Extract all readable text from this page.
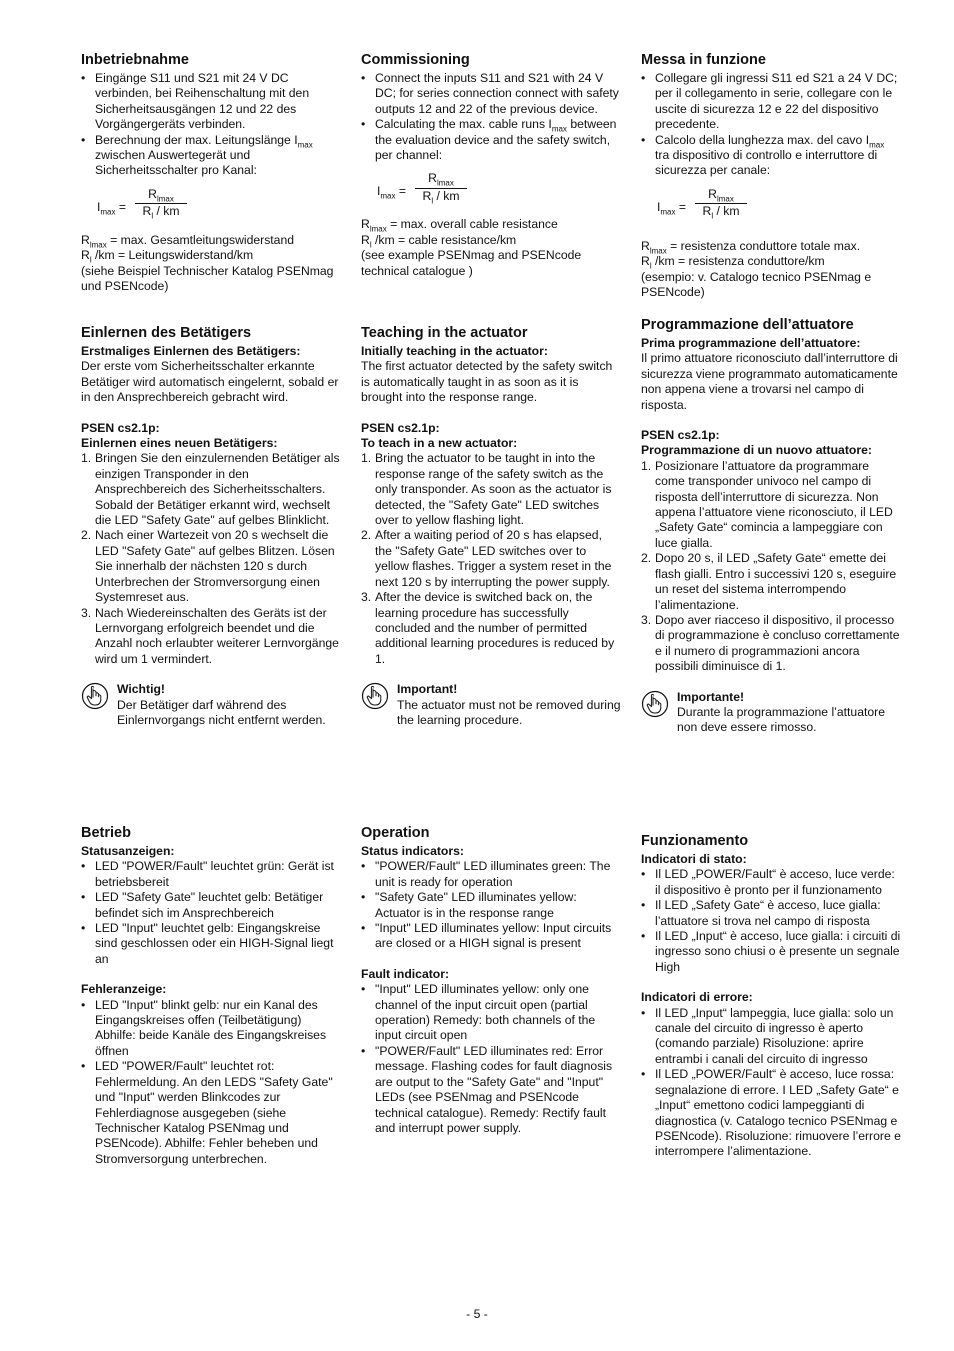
Inbetriebnahme
• Eingänge S11 und S21 mit 24 V DC verbinden, bei Reihenschaltung mit den Sicherheitsausgängen 12 und 22 des Vorgängergeräts verbinden.
• Berechnung der max. Leitungslänge $I_{max}$ zwischen Auswertegerät und Sicherheitsschalter pro Kanal:
$I_{max}$ =
$R_{lmax}$
$R_l$ / km

$R_{lmax} = \max$. Gesamtleitungswiderstand

$R_l$ /km = Leitungswiderstand/km

(siehe Beispiel Technischer Katalog PSENmag und PSENcode)

Einlernen des Betätigers

Erstmaliges Einlernen des Betätigers:

Der erste vom Sicherheitsschalter erkannte Betätiger wird automatisch eingelernt, sobald er in den Ansprechbereich gebracht wird.

PSEN cs2.1p:

Einlernen eines neuen Betätigers:

1. Bringen Sie den einzulernenden Betätiger als einzigen Transponder in den Ansprechbereich des Sicherheitsschalters. Sobald der Betätiger erkannt wird, wechselt die LED "Safety Gate" auf gelbes Blinklicht.
2. Nach einer Wartezeit von 20 s wechselt die LED "Safety Gate" auf gelbes Blitzen. Lösen Sie innerhalb der nächsten 120 s durch Unterbrechen der Stromversorgung einen Systemreset aus.
3. Nach Wiedereinschalten des Geräts ist der Lernvorgang erfolgreich beendet und die Anzahl noch erlaubter weiterer Lernvorgänge wird um 1 vermindert.

Wichtig!

Der Betätiger darf während des Einlernvorgangs nicht entfernt werden.

Betrieb

Statusanzeigen:

• LED "POWER/Fault" leuchtet grün: Gerät ist betriebsbereit
• LED "Safety Gate" leuchtet gelb: Betätiger befindet sich im Ansprechbereich
• LED "Input" leuchtet gelb: Eingangskreise sind geschlossen oder ein HIGH-Signal liegt an

Fehleranzeige:

• LED "Input" blinkt gelb: nur ein Kanal des Eingangskreises offen (Teilbetätigung) Abhilfe: beide Kanäle des Eingangskreises öffnen
• LED "POWER/Fault" leuchtet rot: Fehlermeldung. An den LEDS "Safety Gate" und "Input" werden Blinkcodes zur Fehlerdiagnose ausgegeben (siehe Technischer Katalog PSENmag und PSENcode). Abhilfe: Fehler beheben und Stromversorgung unterbrechen.
Commissioning
• Connect the inputs S11 and S21 with 24 V DC; for series connection connect with safety outputs 12 and 22 of the previous device.
• Calculating the max. cable runs $I_{max}$ between the evaluation device and the safety switch, per channel:
$I_{max}$ =
$R_{lmax}$
$R_l$ / km

$R_{lmax} = \max$. overall cable resistance

$R_l$ /km = cable resistance/km

(see example PSENmag and PSENcode technical catalogue )

Teaching in the actuator

Initially teaching in the actuator:

The first actuator detected by the safety switch is automatically taught in as soon as it is brought into the response range.

PSEN cs2.1p:

To teach in a new actuator:

1. Bring the actuator to be taught in into the response range of the safety switch as the only transponder. As soon as the actuator is detected, the "Safety Gate" LED switches over to yellow flashing light.
2. After a waiting period of 20 s has elapsed, the "Safety Gate" LED switches over to yellow flashes. Trigger a system reset in the next 120 s by interrupting the power supply.
3. After the device is switched back on, the learning procedure has successfully concluded and the number of permitted additional learning procedures is reduced by 1.

Important!

The actuator must not be removed during the learning procedure.

Operation

Status indicators:

• "POWER/Fault" LED illuminates green: The unit is ready for operation
• "Safety Gate" LED illuminates yellow: Actuator is in the response range
• "Input" LED illuminates yellow: Input circuits are closed or a HIGH signal is present

Fault indicator:

• "Input" LED illuminates yellow: only one channel of the input circuit open (partial operation) Remedy: both channels of the input circuit open
• "POWER/Fault" LED illuminates red: Error message. Flashing codes for fault diagnosis are output to the "Safety Gate" and "Input" LEDs (see PSENmag and PSENcode technical catalogue). Remedy: Rectify fault and interrupt power supply.
Messa in funzione
• Collegare gli ingressi S11 ed S21 a 24 V DC; per il collegamento in serie, collegare con le uscite di sicurezza 12 e 22 del dispositivo precedente.
• Calcolo della lunghezza max. del cavo $I_{max}$ tra dispositivo di controllo e interruttore di sicurezza per canale:
$I_{max}$ =
$R_{lmax}$
$R_l$ / km

$R_{lmax}$ = resistenza conduttore totale max.

$R_l$ /km = resistenza conduttore/km

(esempio: v. Catalogo tecnico PSENmag e PSENcode)

Programmazione dell’attuatore

Prima programmazione dell’attuatore:

Il primo attuatore riconosciuto dall’interruttore di sicurezza viene programmato automaticamente non appena viene a trovarsi nel campo di risposta.

PSEN cs2.1p:

Programmazione di un nuovo attuatore:

1. Posizionare l’attuatore da programmare come transponder univoco nel campo di risposta dell’interruttore di sicurezza. Non appena l’attuatore viene riconosciuto, il LED „Safety Gate“ comincia a lampeggiare con luce gialla.
2. Dopo 20 s, il LED „Safety Gate“ emette dei flash gialli. Entro i successivi 120 s, eseguire un reset del sistema interrompendo l’alimentazione.
3. Dopo aver riacceso il dispositivo, il processo di programmazione è concluso correttamente e il numero di programmazioni ancora possibili diminuisce di 1.

Importante!

Durante la programmazione l’attuatore non deve essere rimosso.

Funzionamento

Indicatori di stato:

• Il LED „POWER/Fault“ è acceso, luce verde: il dispositivo è pronto per il funzionamento
• Il LED „Safety Gate“ è acceso, luce gialla: l’attuatore si trova nel campo di risposta
• Il LED „Input“ è acceso, luce gialla: i circuiti di ingresso sono chiusi o è presente un segnale High

Indicatori di errore:

• Il LED „Input“ lampeggia, luce gialla: solo un canale del circuito di ingresso è aperto (comando parziale) Risoluzione: aprire entrambi i canali del circuito di ingresso
• Il LED „POWER/Fault“ è acceso, luce rossa: segnalazione di errore. I LED „Safety Gate“ e „Input“ emettono codici lampeggianti di diagnostica (v. Catalogo tecnico PSENmag e PSENcode). Risoluzione: rimuovere l’errore e interrompere l’alimentazione.
- 5 -
